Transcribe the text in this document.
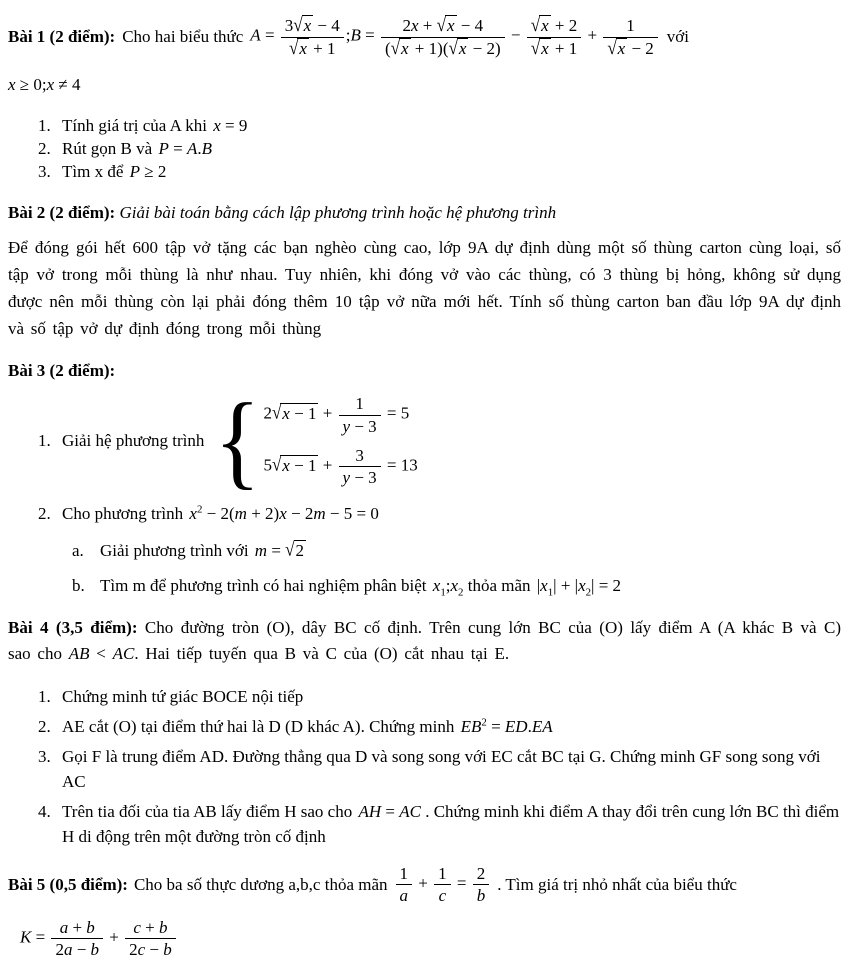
Bài 1 (2 điểm): Cho hai biểu thức $A = \frac{3√x - 4}{√x + 1}$ ;B = $\frac{2x + √x - 4}{(√x + 1)(√x - 2)} - \frac{√x + 2}{√x + 1} + \frac{1}{√x - 2}$ với
x ≥ 0;x ≠ 4
1. Tính giá trị của A khi x = 9
2. Rút gọn B và P = A.B
3. Tìm x để P ≥ 2
Bài 2 (2 điểm): Giải bài toán bằng cách lập phương trình hoặc hệ phương trình

Để đóng gói hết 600 tập vở tặng các bạn nghèo cùng cao, lớp 9A dự định dùng một số thùng carton cùng loại, số tập vở trong mỗi thùng là như nhau. Tuy nhiên, khi đóng vở vào các thùng, có 3 thùng bị hỏng, không sử dụng được nên mỗi thùng còn lại phải đóng thêm 10 tập vở nữa mới hết. Tính số thùng carton ban đầu lớp 9A dự định và số tập vở dự định đóng trong mỗi thùng

Bài 3 (2 điểm):
1. Giải hệ phương trình { $2√x - 1 + \frac{1}{y - 3} = 5$
$5√x - 1 + \frac{3}{y - 3} = 13$
2. Cho phương trình $x^2 - 2(m + 2)x - 2m - 5 = 0$
a. Giải phương trình với m = √2
b. Tìm m để phương trình có hai nghiệm phân biệt $x_1;x_2$ thỏa mãn $|x_1| + |x_2| = 2$

Bài 4 (3,5 điểm): Cho đường tròn (O), dây BC cố định. Trên cung lớn BC của (O) lấy điểm A (A khác B và C) sao cho AB < AC. Hai tiếp tuyến qua B và C của (O) cắt nhau tại E.

1. Chứng minh tứ giác BOCE nội tiếp
2. AE cắt (O) tại điểm thứ hai là D (D khác A). Chứng minh $EB^2 = ED.EA$
3. Gọi F là trung điểm AD. Đường thẳng qua D và song song với EC cắt BC tại G. Chứng minh GF song song với AC
4. Trên tia đối của tia AB lấy điểm H sao cho AH = AC . Chứng minh khi điểm A thay đổi trên cung lớn BC thì điểm H di động trên một đường tròn cố định
Bài 5 (0,5 điểm): Cho ba số thực dương a,b,c thỏa mãn $\frac{1}{a} + \frac{1}{c} = \frac{2}{b}$ . Tìm giá trị nhỏ nhất của biểu thức
$K = \frac{a + b}{2a - b} + \frac{c + b}{2c - b}$
